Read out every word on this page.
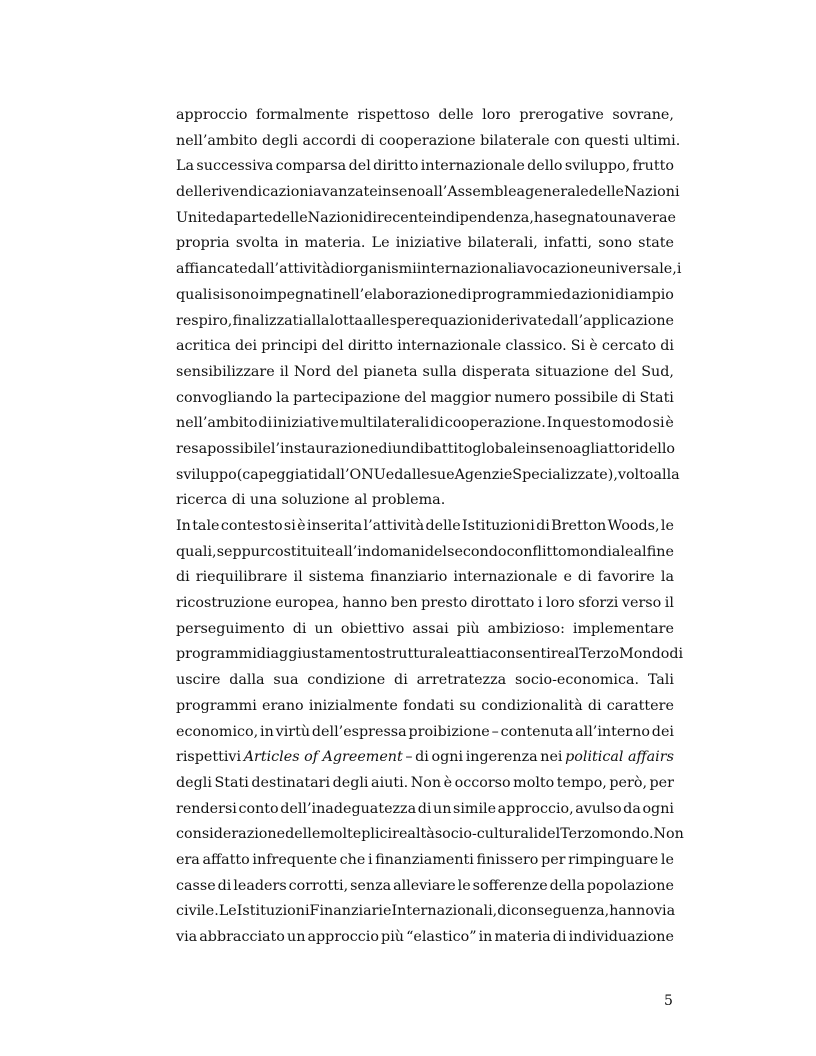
approccio formalmente rispettoso delle loro prerogative sovrane,
nell’ambito degli accordi di cooperazione bilaterale con questi ultimi.
La successiva comparsa del diritto internazionale dello sviluppo, frutto
delle rivendicazioni avanzate in seno all’Assemblea generale delle Nazioni
Unite da parte delle Nazioni di recente indipendenza, ha segnato una vera e
propria svolta in materia. Le iniziative bilaterali, infatti, sono state
affiancate dall’attività di organismi internazionali a vocazione universale, i
quali si sono impegnati nell’elaborazione di programmi ed azioni di ampio
respiro, finalizzati alla lotta alle sperequazioni derivate dall’applicazione
acritica dei principi del diritto internazionale classico. Si è cercato di
sensibilizzare il Nord del pianeta sulla disperata situazione del Sud,
convogliando la partecipazione del maggior numero possibile di Stati
nell’ambito di iniziative multilaterali di cooperazione. In questo modo si è
resa possibile l’instaurazione di un dibattito globale in seno agli attori dello
sviluppo (capeggiati dall’ONU e dalle sue Agenzie Specializzate), volto alla
ricerca di una soluzione al problema.
In tale contesto si è inserita l’attività delle Istituzioni di Bretton Woods, le
quali, seppur costituite all’indomani del secondo conflitto mondiale al fine
di riequilibrare il sistema finanziario internazionale e di favorire la
ricostruzione europea, hanno ben presto dirottato i loro sforzi verso il
perseguimento di un obiettivo assai più ambizioso: implementare
programmi di aggiustamento strutturale atti a consentire al Terzo Mondo di
uscire dalla sua condizione di arretratezza socio-economica. Tali
programmi erano inizialmente fondati su condizionalità di carattere
economico, in virtù dell’espressa proibizione – contenuta all’interno dei
rispettivi Articles of Agreement – di ogni ingerenza nei political affairs
degli Stati destinatari degli aiuti. Non è occorso molto tempo, però, per
rendersi conto dell’inadeguatezza di un simile approccio, avulso da ogni
considerazione delle molteplici realtà socio-culturali del Terzo mondo. Non
era affatto infrequente che i finanziamenti finissero per rimpinguare le
casse di leaders corrotti, senza alleviare le sofferenze della popolazione
civile. Le Istituzioni Finanziarie Internazionali, di conseguenza, hanno via
via abbracciato un approccio più “elastico” in materia di individuazione
5
